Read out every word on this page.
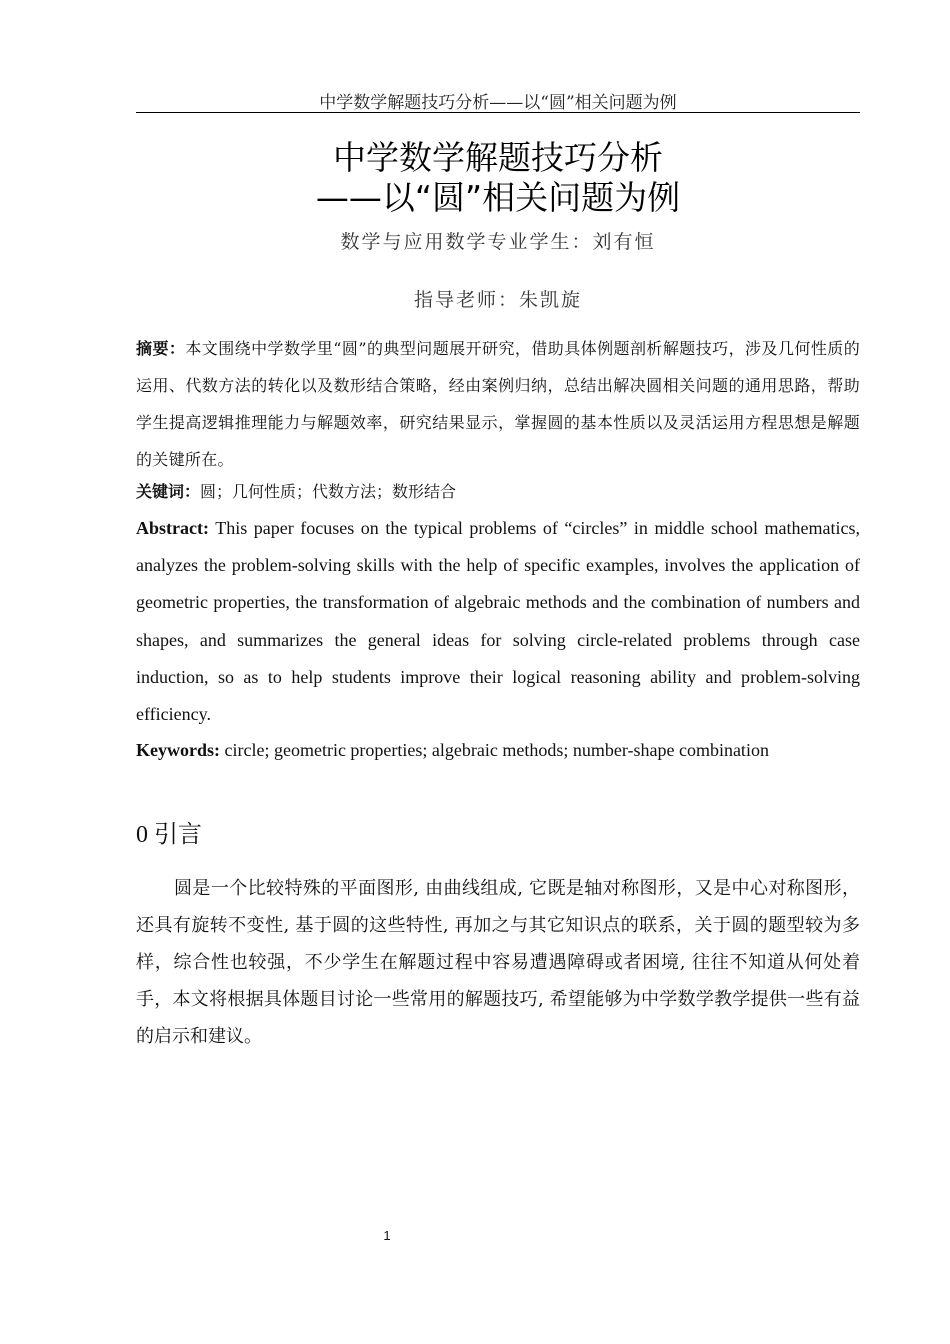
中学数学解题技巧分析——以“圆”相关问题为例
中学数学解题技巧分析
——以“圆”相关问题为例
数学与应用数学专业学生：刘有恒
指导老师：朱凯旋

摘要：本文围绕中学数学里“圆”的典型问题展开研究，借助具体例题剖析解题技巧，涉及几何性质的运用、代数方法的转化以及数形结合策略，经由案例归纳，总结出解决圆相关问题的通用思路，帮助学生提高逻辑推理能力与解题效率，研究结果显示，掌握圆的基本性质以及灵活运用方程思想是解题的关键所在。

关键词：圆；几何性质；代数方法；数形结合

Abstract: This paper focuses on the typical problems of “circles” in middle school mathematics, analyzes the problem-solving skills with the help of specific examples, involves the application of geometric properties, the transformation of algebraic methods and the combination of numbers and shapes, and summarizes the general ideas for solving circle-related problems through case induction, so as to help students improve their logical reasoning ability and problem-solving efficiency.

Keywords: circle; geometric properties; algebraic methods; number-shape combination

0 引言

圆是一个比较特殊的平面图形, 由曲线组成, 它既是轴对称图形，又是中心对称图形，还具有旋转不变性, 基于圆的这些特性, 再加之与其它知识点的联系，关于圆的题型较为多样，综合性也较强，不少学生在解题过程中容易遭遇障碍或者困境, 往往不知道从何处着手，本文将根据具体题目讨论一些常用的解题技巧, 希望能够为中学数学教学提供一些有益的启示和建议。

1
